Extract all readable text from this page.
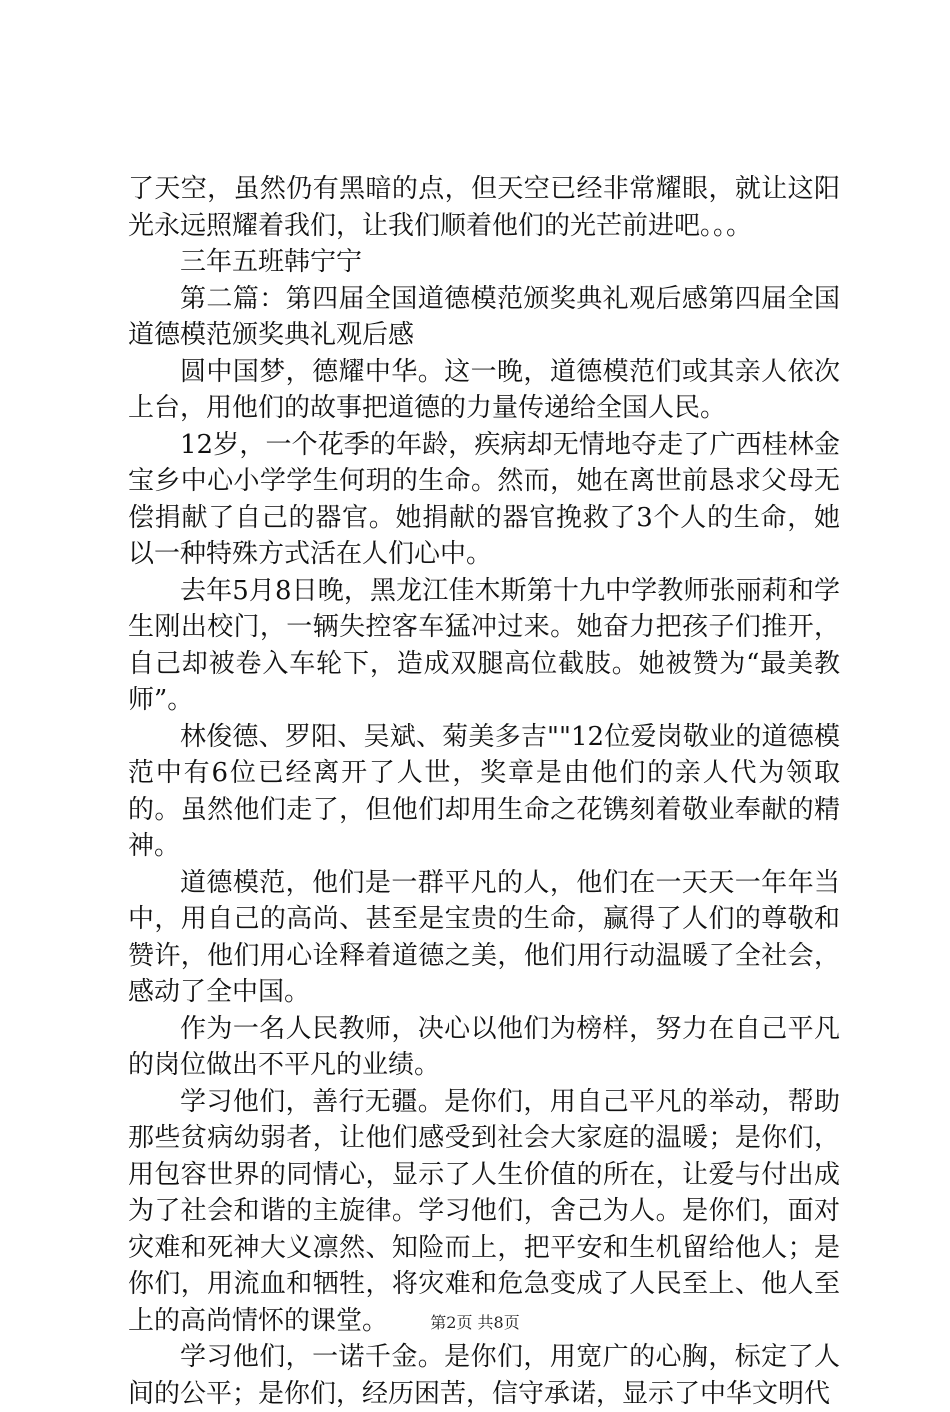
了天空，虽然仍有黑暗的点，但天空已经非常耀眼，就让这阳光永远照耀着我们，让我们顺着他们的光芒前进吧。。。

三年五班韩宁宁

第二篇：第四届全国道德模范颁奖典礼观后感第四届全国道德模范颁奖典礼观后感

圆中国梦，德耀中华。这一晚，道德模范们或其亲人依次上台，用他们的故事把道德的力量传递给全国人民。

12岁，一个花季的年龄，疾病却无情地夺走了广西桂林金宝乡中心小学学生何玥的生命。然而，她在离世前恳求父母无偿捐献了自己的器官。她捐献的器官挽救了3个人的生命，她以一种特殊方式活在人们心中。

去年5月8日晚，黑龙江佳木斯第十九中学教师张丽莉和学生刚出校门，一辆失控客车猛冲过来。她奋力把孩子们推开，自己却被卷入车轮下，造成双腿高位截肢。她被赞为“最美教师”。

林俊德、罗阳、吴斌、菊美多吉""12位爱岗敬业的道德模范中有6位已经离开了人世，奖章是由他们的亲人代为领取的。虽然他们走了，但他们却用生命之花镌刻着敬业奉献的精神。

道德模范，他们是一群平凡的人，他们在一天天一年年当中，用自己的高尚、甚至是宝贵的生命，赢得了人们的尊敬和赞许，他们用心诠释着道德之美，他们用行动温暖了全社会，感动了全中国。

作为一名人民教师，决心以他们为榜样，努力在自己平凡的岗位做出不平凡的业绩。

学习他们，善行无疆。是你们，用自己平凡的举动，帮助那些贫病幼弱者，让他们感受到社会大家庭的温暖；是你们，用包容世界的同情心，显示了人生价值的所在，让爱与付出成为了社会和谐的主旋律。学习他们，舍己为人。是你们，面对灾难和死神大义凛然、知险而上，把平安和生机留给他人；是你们，用流血和牺牲，将灾难和危急变成了人民至上、他人至上的高尚情怀的课堂。

学习他们，一诺千金。是你们，用宽广的心胸，标定了人间的公平；是你们，经历困苦，信守承诺，显示了中华文明代

第2页 共8页
